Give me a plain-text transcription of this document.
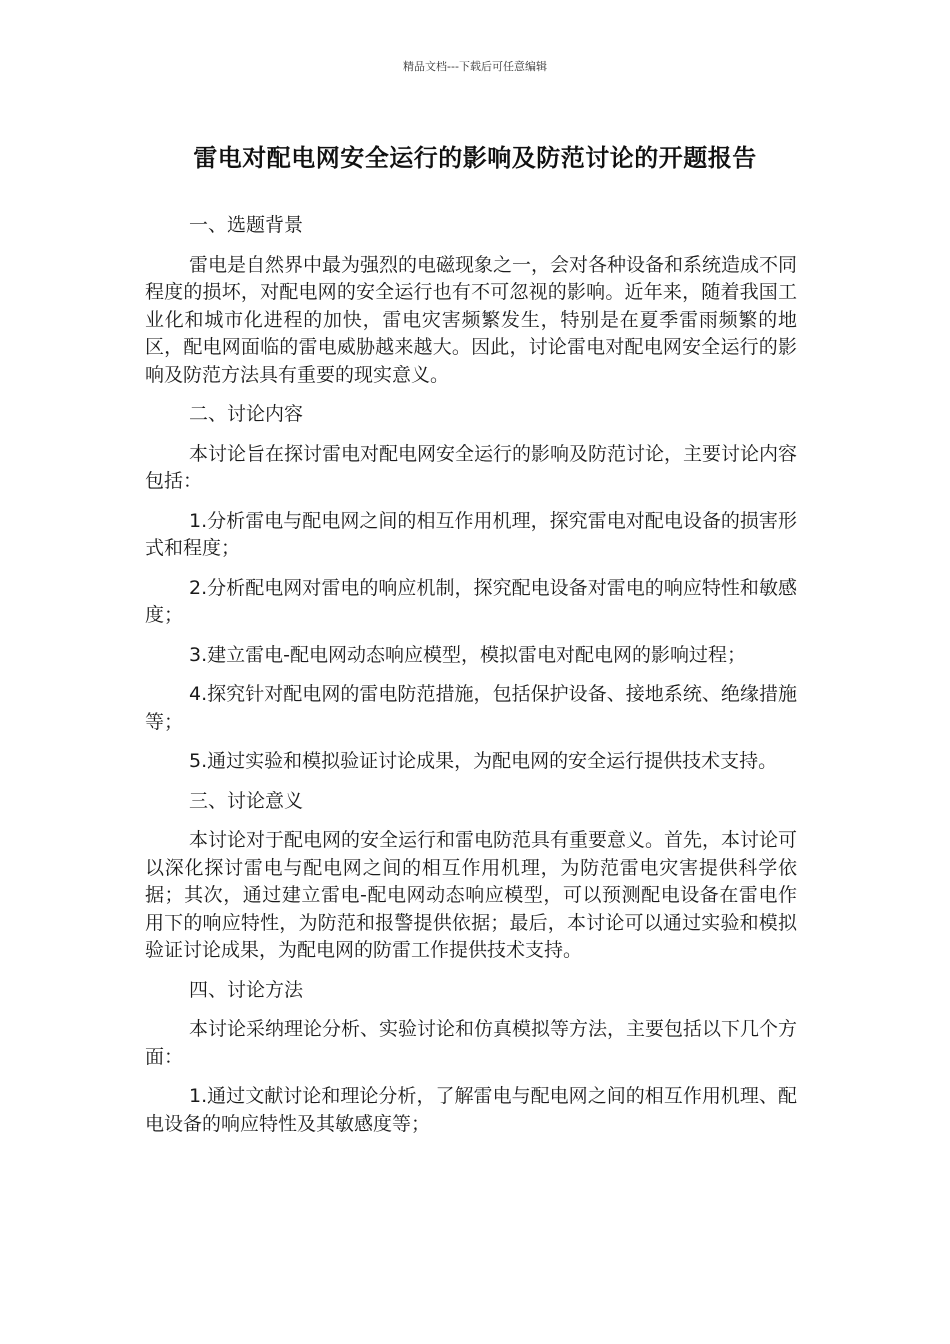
精品文档---下载后可任意编辑
雷电对配电网安全运行的影响及防范讨论的开题报告

一、选题背景

雷电是自然界中最为强烈的电磁现象之一，会对各种设备和系统造成不同程度的损坏，对配电网的安全运行也有不可忽视的影响。近年来，随着我国工业化和城市化进程的加快，雷电灾害频繁发生，特别是在夏季雷雨频繁的地区，配电网面临的雷电威胁越来越大。因此，讨论雷电对配电网安全运行的影响及防范方法具有重要的现实意义。

二、讨论内容

本讨论旨在探讨雷电对配电网安全运行的影响及防范讨论，主要讨论内容包括：

1.分析雷电与配电网之间的相互作用机理，探究雷电对配电设备的损害形式和程度；

2.分析配电网对雷电的响应机制，探究配电设备对雷电的响应特性和敏感度；

3.建立雷电-配电网动态响应模型，模拟雷电对配电网的影响过程；

4.探究针对配电网的雷电防范措施，包括保护设备、接地系统、绝缘措施等；

5.通过实验和模拟验证讨论成果，为配电网的安全运行提供技术支持。

三、讨论意义

本讨论对于配电网的安全运行和雷电防范具有重要意义。首先，本讨论可以深化探讨雷电与配电网之间的相互作用机理，为防范雷电灾害提供科学依据；其次，通过建立雷电-配电网动态响应模型，可以预测配电设备在雷电作用下的响应特性，为防范和报警提供依据；最后，本讨论可以通过实验和模拟验证讨论成果，为配电网的防雷工作提供技术支持。

四、讨论方法

本讨论采纳理论分析、实验讨论和仿真模拟等方法，主要包括以下几个方面：

1.通过文献讨论和理论分析，了解雷电与配电网之间的相互作用机理、配电设备的响应特性及其敏感度等；
